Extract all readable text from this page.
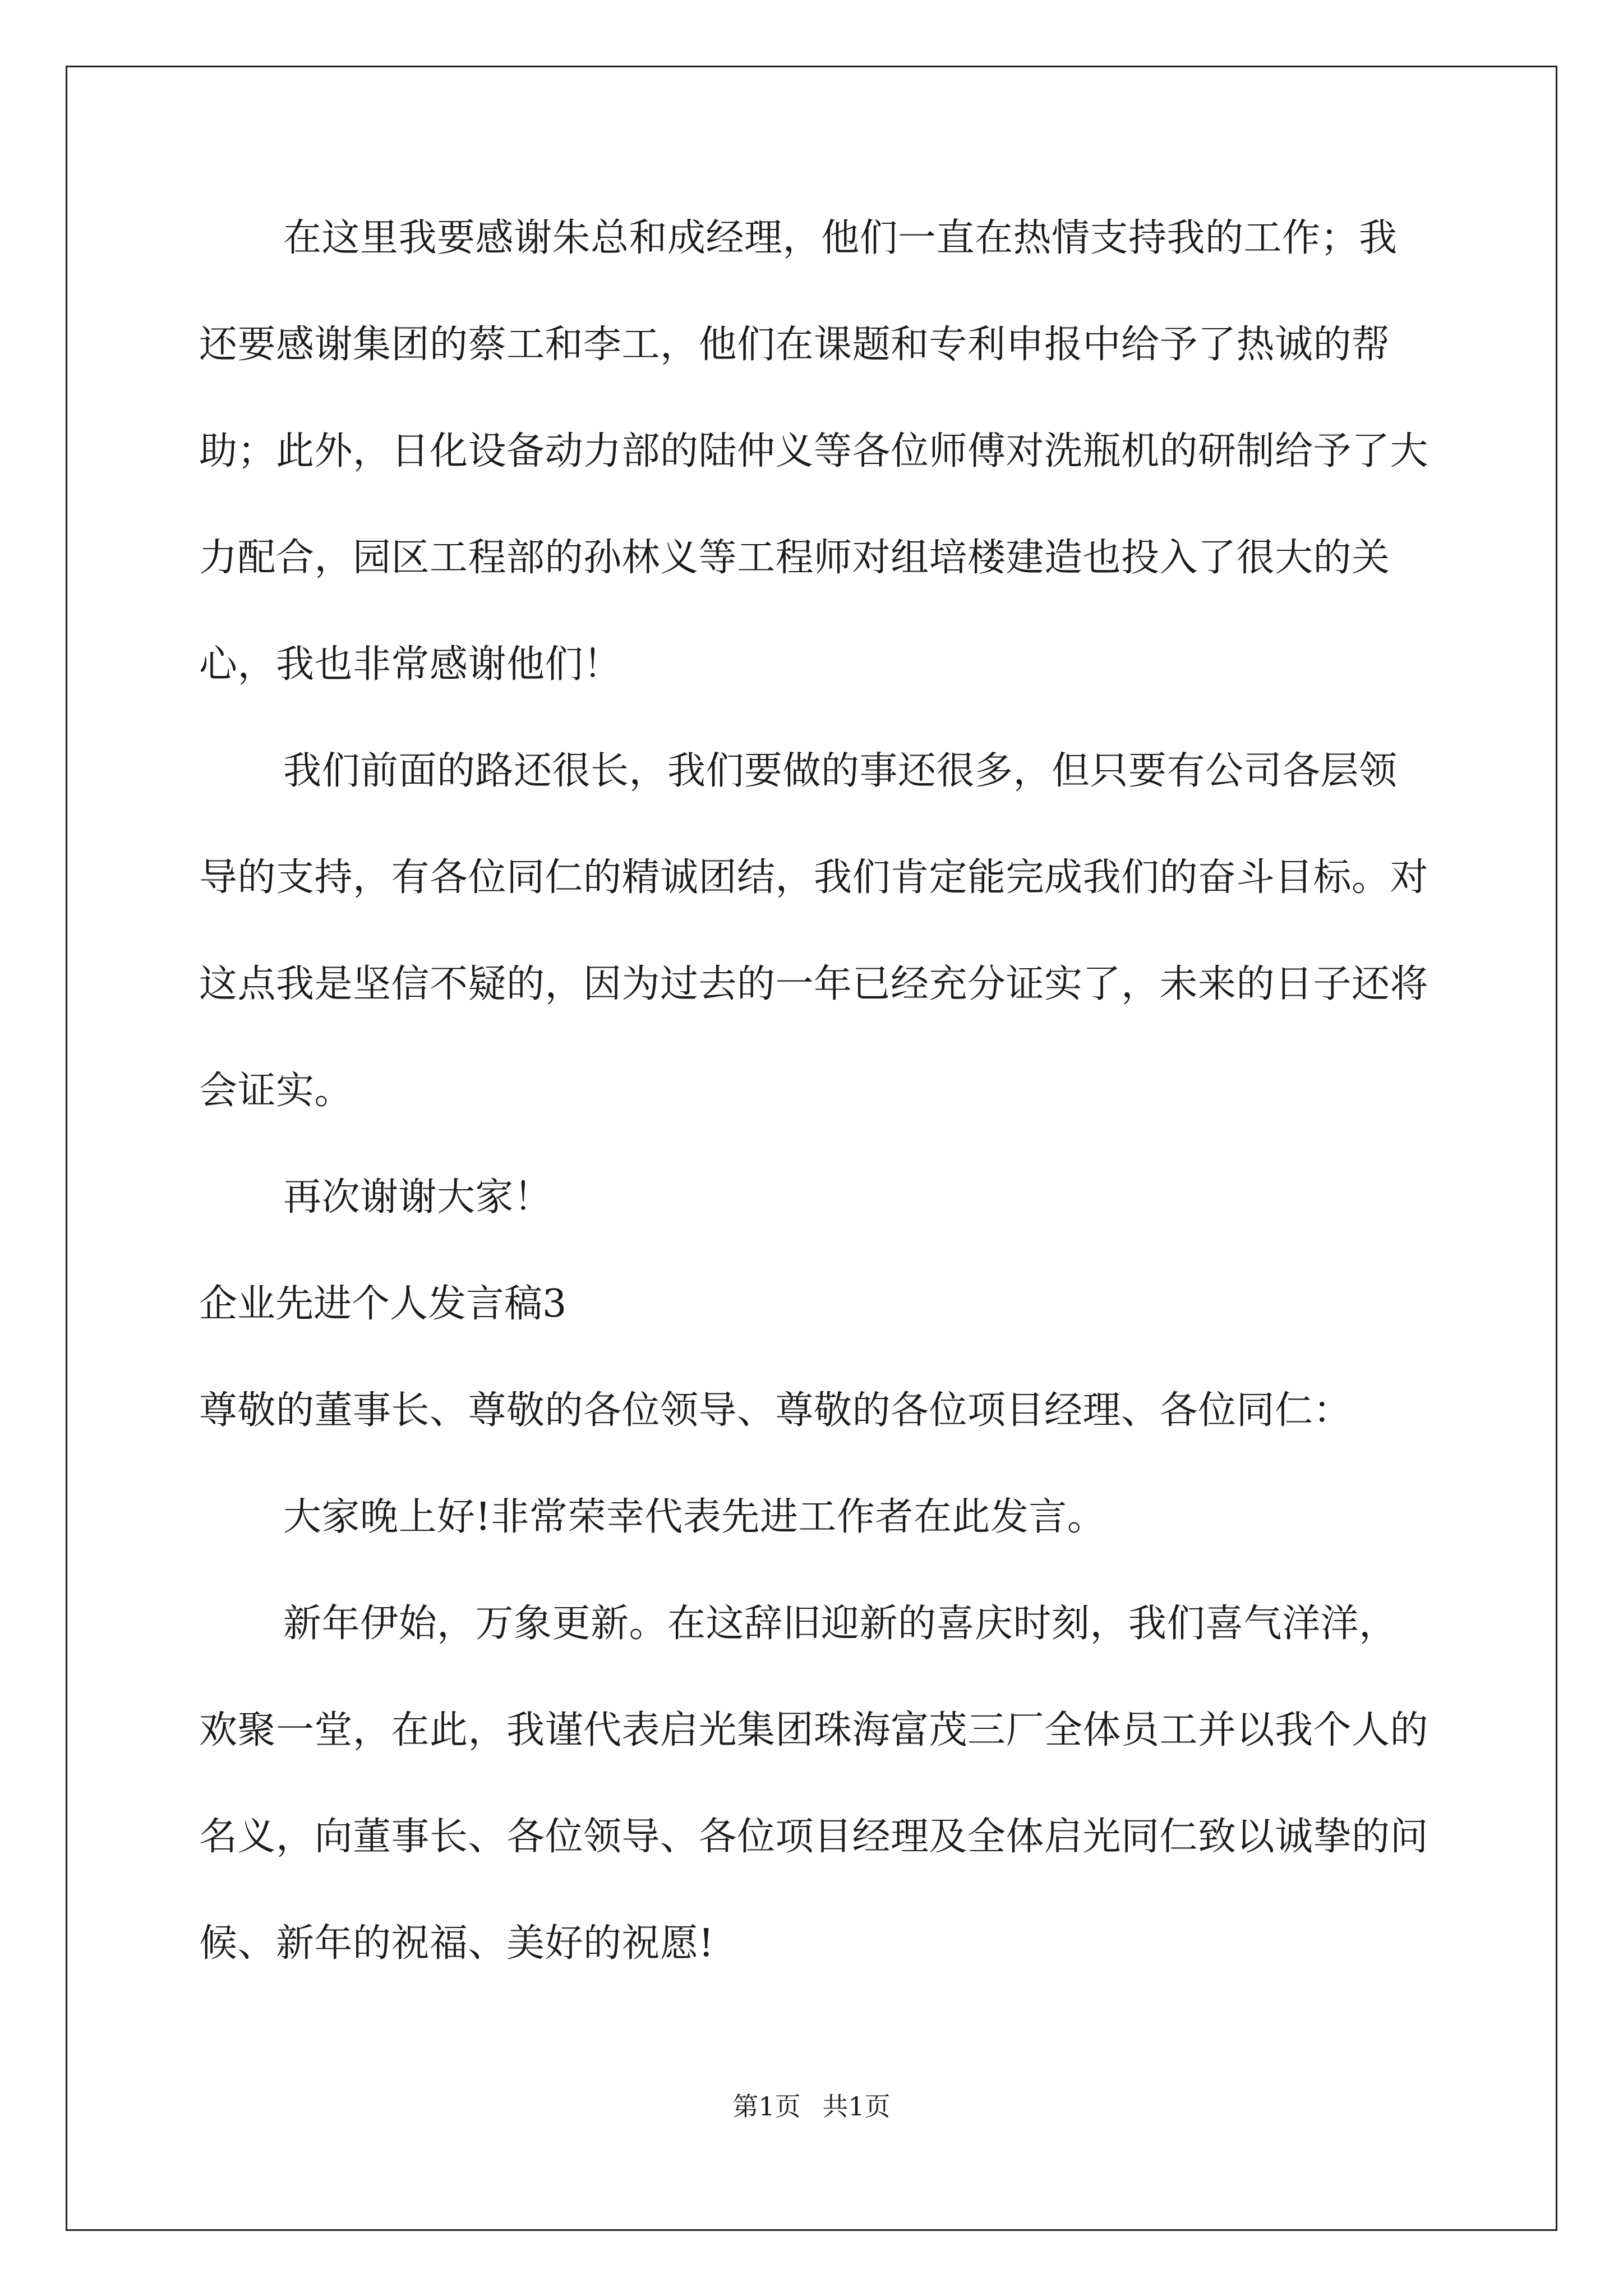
在这里我要感谢朱总和成经理，他们一直在热情支持我的工作；我还要感谢集团的蔡工和李工，他们在课题和专利申报中给予了热诚的帮助；此外，日化设备动力部的陆仲义等各位师傅对洗瓶机的研制给予了大力配合，园区工程部的孙林义等工程师对组培楼建造也投入了很大的关心，我也非常感谢他们！

我们前面的路还很长，我们要做的事还很多，但只要有公司各层领导的支持，有各位同仁的精诚团结，我们肯定能完成我们的奋斗目标。对这点我是坚信不疑的，因为过去的一年已经充分证实了，未来的日子还将会证实。

再次谢谢大家！

企业先进个人发言稿3

尊敬的董事长、尊敬的各位领导、尊敬的各位项目经理、各位同仁：

大家晚上好!非常荣幸代表先进工作者在此发言。

新年伊始，万象更新。在这辞旧迎新的喜庆时刻，我们喜气洋洋，欢聚一堂，在此，我谨代表启光集团珠海富茂三厂全体员工并以我个人的名义，向董事长、各位领导、各位项目经理及全体启光同仁致以诚挚的问候、新年的祝福、美好的祝愿!

第1页 共1页
